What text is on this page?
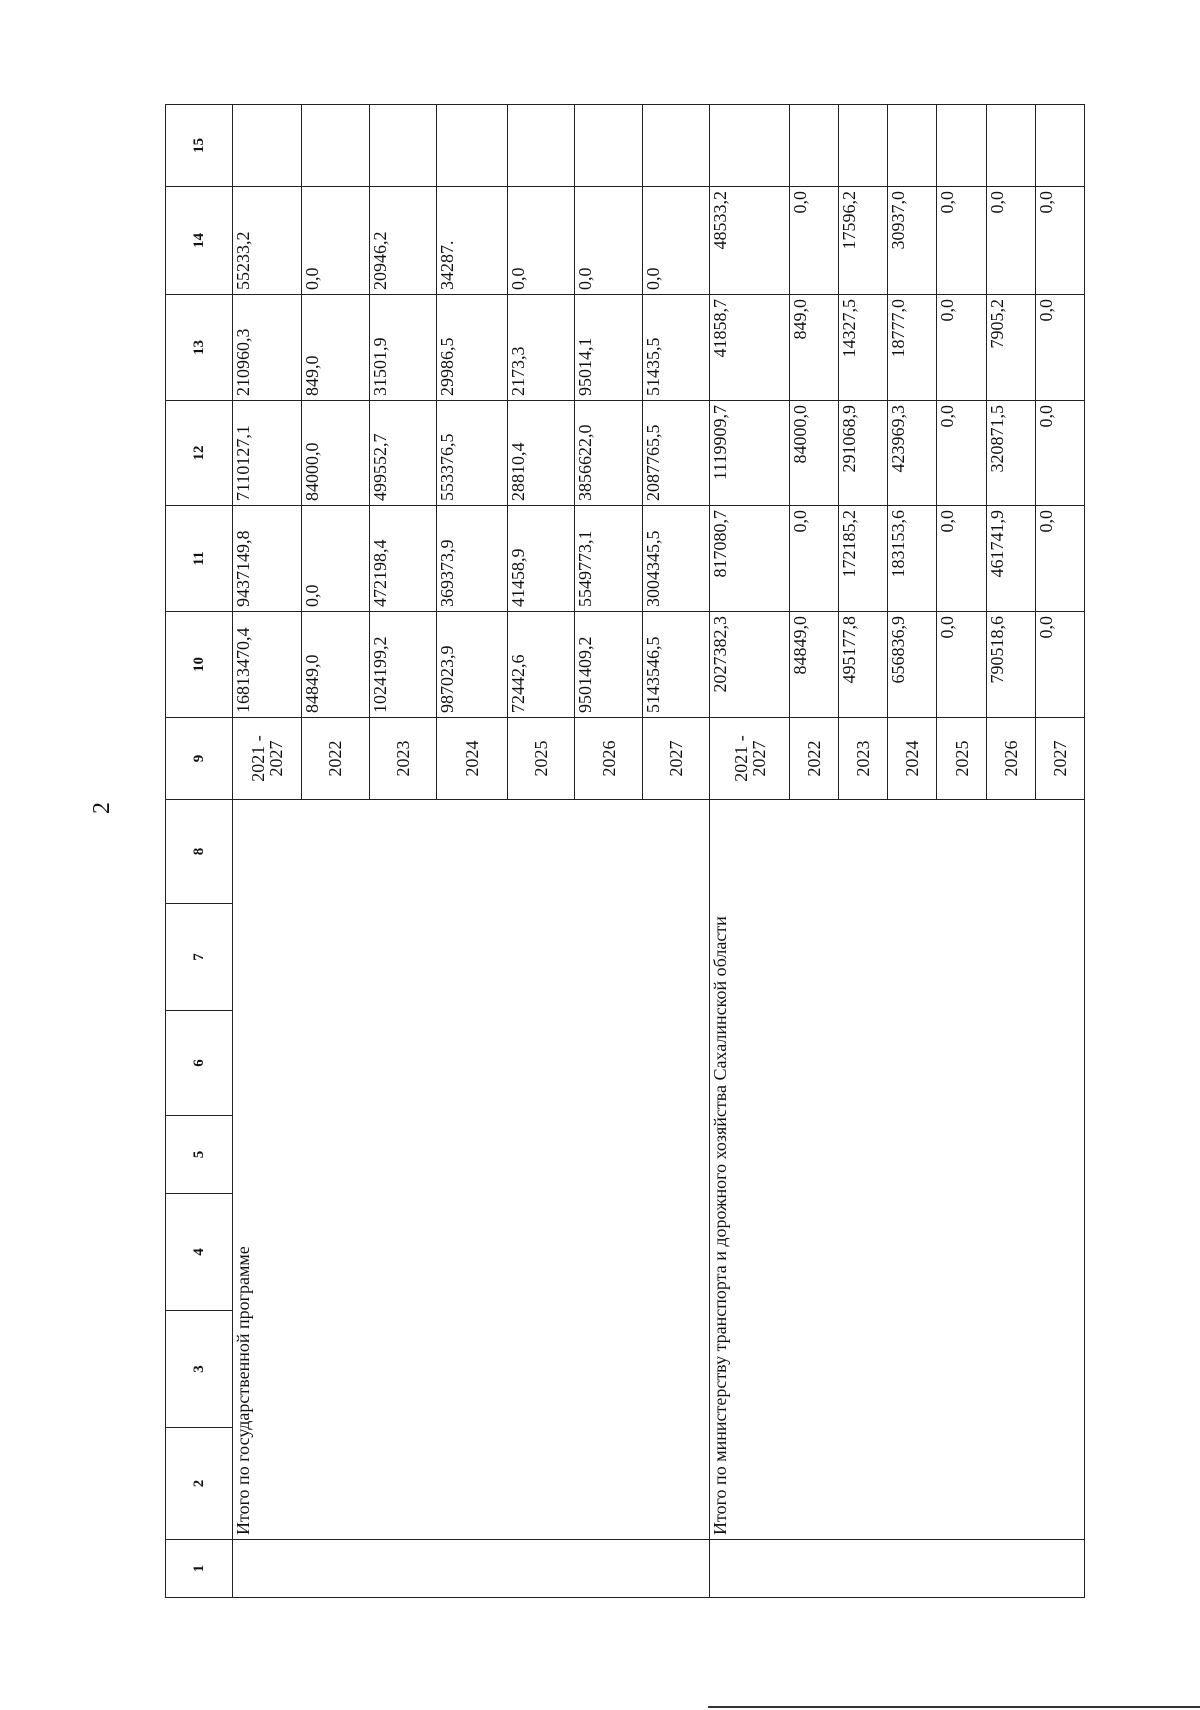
2
1	2	3	4	5	6	7	8	9	10	11	12	13	14	15
	Итого по государственной программе							2021 - 2027	16813470,4	9437149,8	7110127,1	210960,3	55233,2	
								2022	84849,0	0,0	84000,0	849,0	0,0	
								2023	1024199,2	472198,4	499552,7	31501,9	20946,2	
								2024	987023,9	369373,9	553376,5	29986,5	34287.	
								2025	72442,6	41458,9	28810,4	2173,3	0,0	
								2026	9501409,2	5549773,1	3856622,0	95014,1	0,0	
								2027	5143546,5	3004345,5	2087765,5	51435,5	0,0	
	Итого по министерству транспорта и дорожного хозяйства Сахалинской области							2021 - 2027	2027382,3	817080,7	1119909,7	41858,7	48533,2	
								2022	84849,0	0,0	84000,0	849,0	0,0	
								2023	495177,8	172185,2	291068,9	14327,5	17596,2	
								2024	656836,9	183153,6	423969,3	18777,0	30937,0	
								2025	0,0	0,0	0,0	0,0	0,0	
								2026	790518,6	461741,9	320871,5	7905,2	0,0	
								2027	0,0	0,0	0,0	0,0	0,0	
